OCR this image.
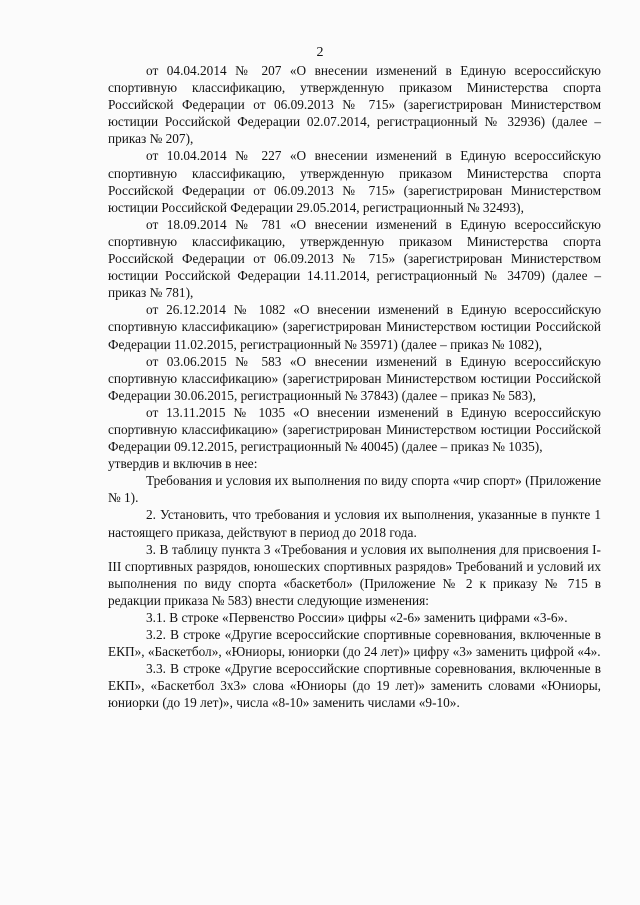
2

от 04.04.2014 № 207 «О внесении изменений в Единую всероссийскую спортивную классификацию, утвержденную приказом Министерства спорта Российской Федерации от 06.09.2013 № 715» (зарегистрирован Министерством юстиции Российской Федерации 02.07.2014, регистрационный № 32936) (далее – приказ № 207),

от 10.04.2014 № 227 «О внесении изменений в Единую всероссийскую спортивную классификацию, утвержденную приказом Министерства спорта Российской Федерации от 06.09.2013 № 715» (зарегистрирован Министерством юстиции Российской Федерации 29.05.2014, регистрационный № 32493),

от 18.09.2014 № 781 «О внесении изменений в Единую всероссийскую спортивную классификацию, утвержденную приказом Министерства спорта Российской Федерации от 06.09.2013 № 715» (зарегистрирован Министерством юстиции Российской Федерации 14.11.2014, регистрационный № 34709) (далее – приказ № 781),

от 26.12.2014 № 1082 «О внесении изменений в Единую всероссийскую спортивную классификацию» (зарегистрирован Министерством юстиции Российской Федерации 11.02.2015, регистрационный № 35971) (далее – приказ № 1082),

от 03.06.2015 № 583 «О внесении изменений в Единую всероссийскую спортивную классификацию» (зарегистрирован Министерством юстиции Российской Федерации 30.06.2015, регистрационный № 37843) (далее – приказ № 583),

от 13.11.2015 № 1035 «О внесении изменений в Единую всероссийскую спортивную классификацию» (зарегистрирован Министерством юстиции Российской Федерации 09.12.2015, регистрационный № 40045) (далее – приказ № 1035),

утвердив и включив в нее:

Требования и условия их выполнения по виду спорта «чир спорт» (Приложение № 1).

2. Установить, что требования и условия их выполнения, указанные в пункте 1 настоящего приказа, действуют в период до 2018 года.

3. В таблицу пункта 3 «Требования и условия их выполнения для присвоения I-III спортивных разрядов, юношеских спортивных разрядов» Требований и условий их выполнения по виду спорта «баскетбол» (Приложение № 2 к приказу № 715 в редакции приказа № 583) внести следующие изменения:

3.1. В строке «Первенство России» цифры «2-6» заменить цифрами «3-6».

3.2. В строке «Другие всероссийские спортивные соревнования, включенные в ЕКП», «Баскетбол», «Юниоры, юниорки (до 24 лет)» цифру «3» заменить цифрой «4».

3.3. В строке «Другие всероссийские спортивные соревнования, включенные в ЕКП», «Баскетбол 3x3» слова «Юниоры (до 19 лет)» заменить словами «Юниоры, юниорки (до 19 лет)», числа «8-10» заменить числами «9-10».
